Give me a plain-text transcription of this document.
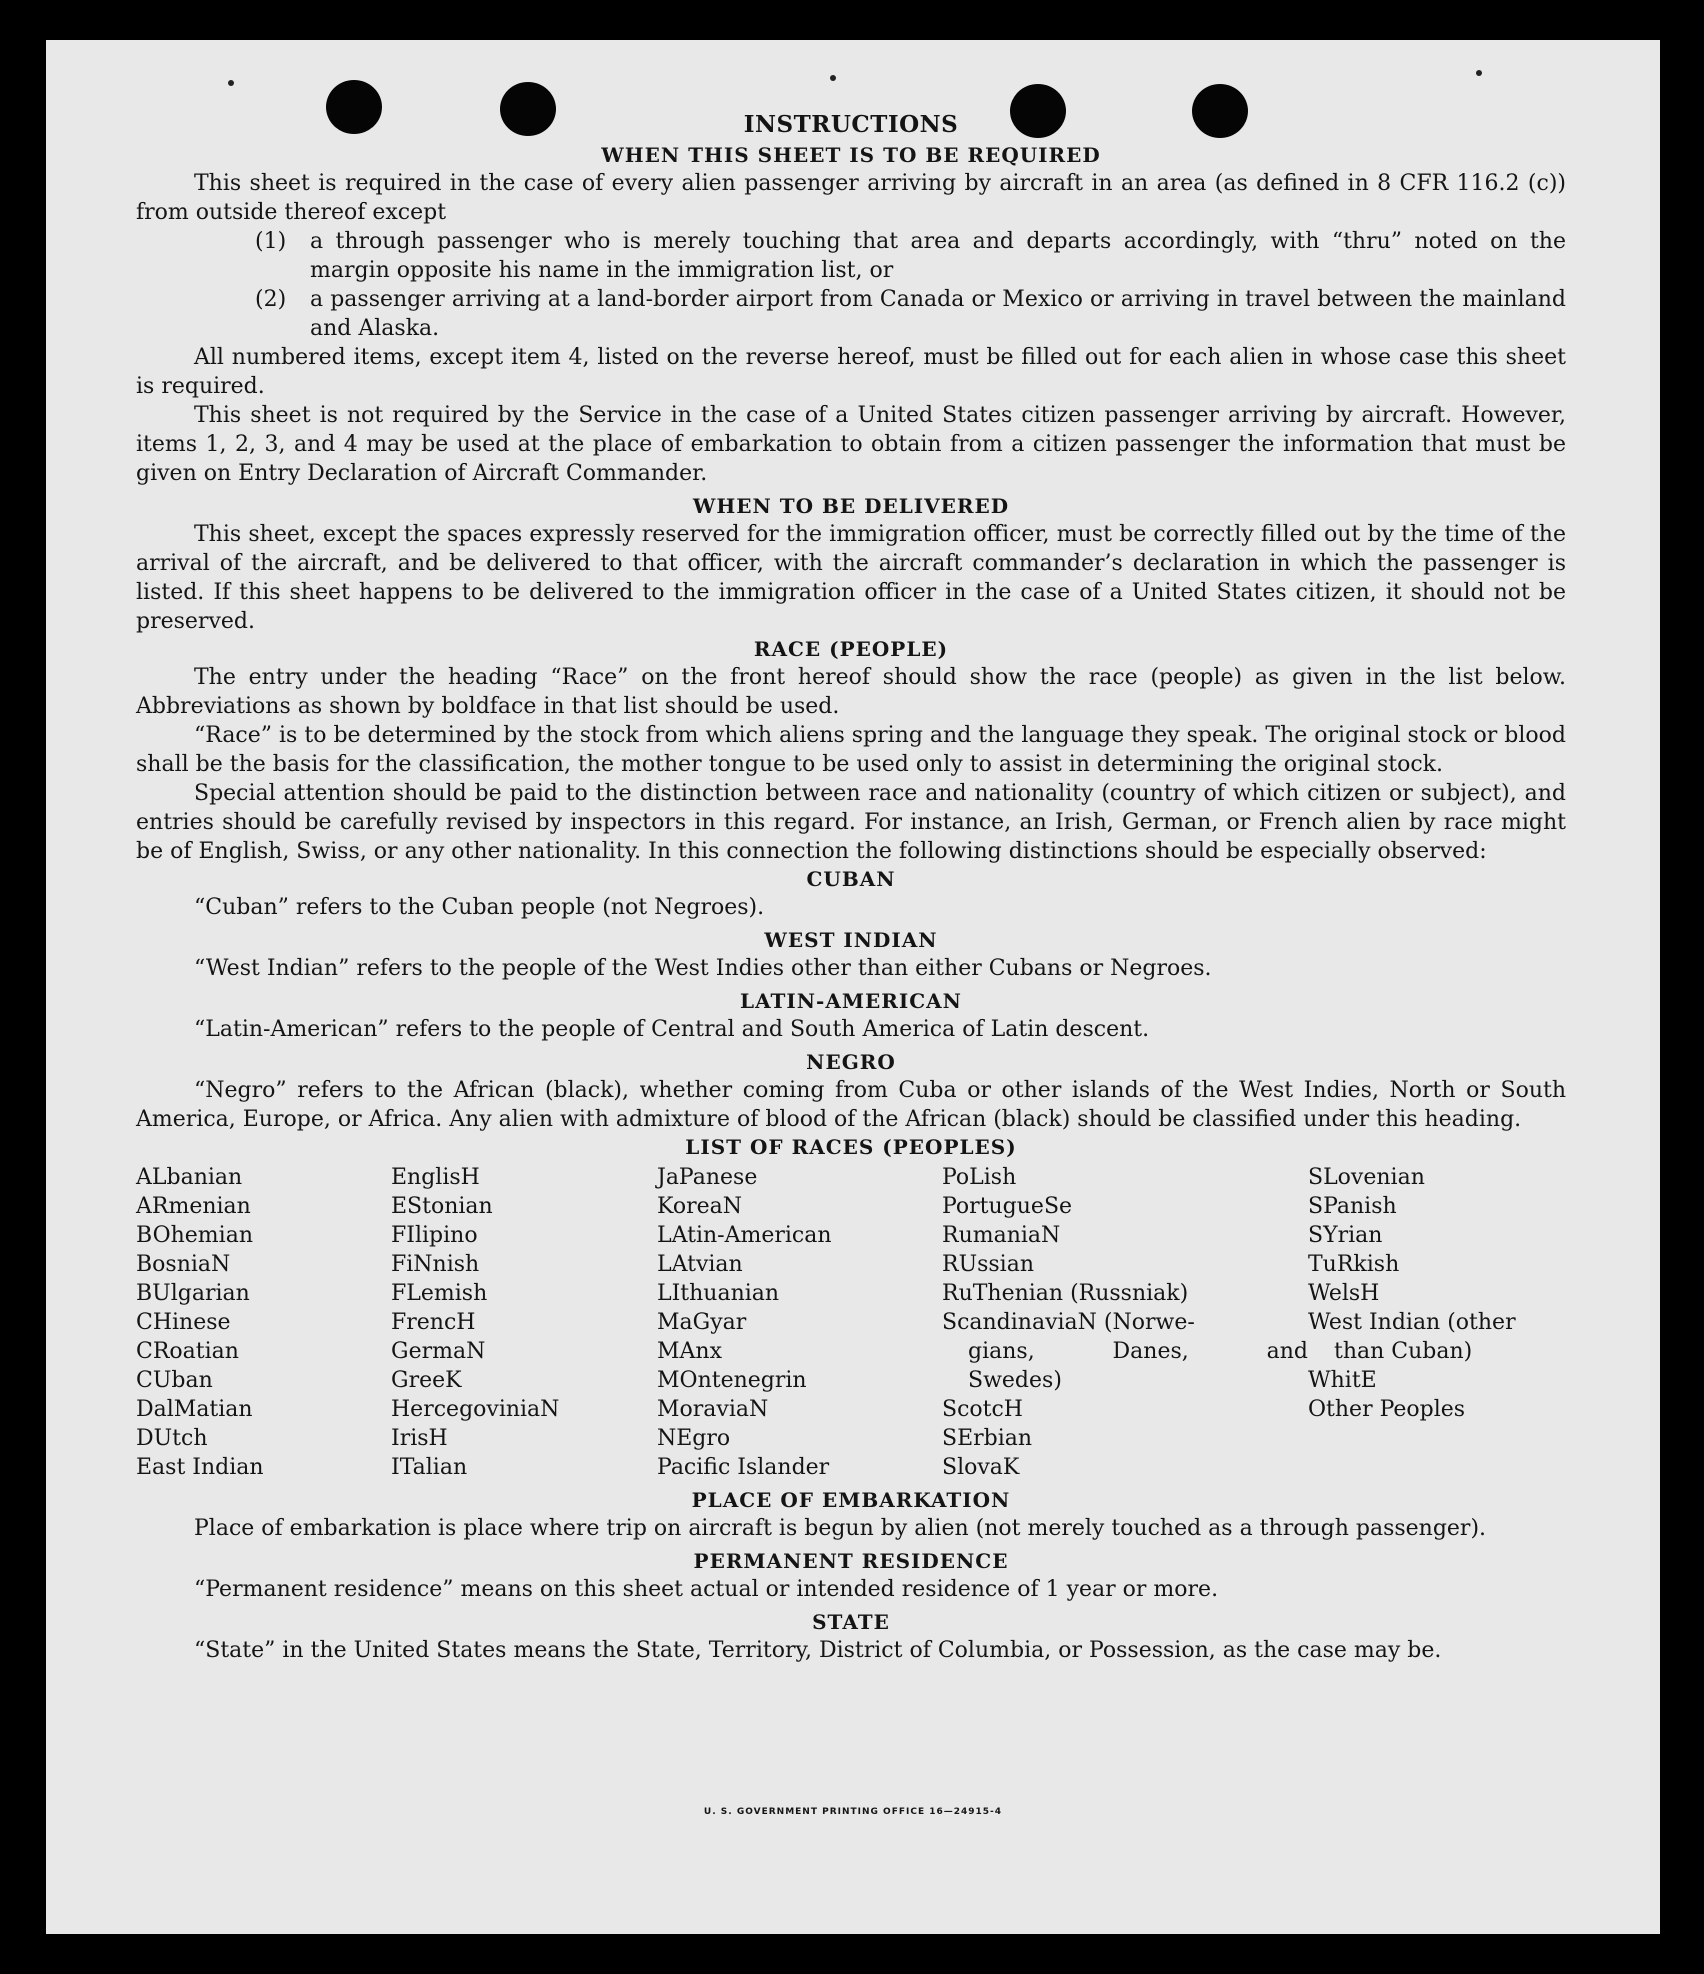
INSTRUCTIONS
WHEN THIS SHEET IS TO BE REQUIRED

This sheet is required in the case of every alien passenger arriving by aircraft in an area (as defined in 8 CFR 116.2 (c)) from outside thereof except

(1) a through passenger who is merely touching that area and departs accordingly, with “thru” noted on the margin opposite his name in the immigration list, or
(2) a passenger arriving at a land-border airport from Canada or Mexico or arriving in travel between the mainland and Alaska.

All numbered items, except item 4, listed on the reverse hereof, must be filled out for each alien in whose case this sheet is required.

This sheet is not required by the Service in the case of a United States citizen passenger arriving by aircraft. However, items 1, 2, 3, and 4 may be used at the place of embarkation to obtain from a citizen passenger the information that must be given on Entry Declaration of Aircraft Commander.

WHEN TO BE DELIVERED

This sheet, except the spaces expressly reserved for the immigration officer, must be correctly filled out by the time of the arrival of the aircraft, and be delivered to that officer, with the aircraft commander’s declaration in which the passenger is listed. If this sheet happens to be delivered to the immigration officer in the case of a United States citizen, it should not be preserved.

RACE (PEOPLE)

The entry under the heading “Race” on the front hereof should show the race (people) as given in the list below. Abbreviations as shown by boldface in that list should be used.

“Race” is to be determined by the stock from which aliens spring and the language they speak. The original stock or blood shall be the basis for the classification, the mother tongue to be used only to assist in determining the original stock.

Special attention should be paid to the distinction between race and nationality (country of which citizen or subject), and entries should be carefully revised by inspectors in this regard. For instance, an Irish, German, or French alien by race might be of English, Swiss, or any other nationality. In this connection the following distinctions should be especially observed:

CUBAN

“Cuban” refers to the Cuban people (not Negroes).

WEST INDIAN

“West Indian” refers to the people of the West Indies other than either Cubans or Negroes.

LATIN-AMERICAN

“Latin-American” refers to the people of Central and South America of Latin descent.

NEGRO

“Negro” refers to the African (black), whether coming from Cuba or other islands of the West Indies, North or South America, Europe, or Africa. Any alien with admixture of blood of the African (black) should be classified under this heading.

LIST OF RACES (PEOPLES)
ALbanian
ARmenian
BOhemian
BosniaN
BUlgarian
CHinese
CRoatian
CUban
DalMatian
DUtch
East Indian
EnglisH
EStonian
FIlipino
FiNnish
FLemish
FrencH
GermaN
GreeK
HercegoviniaN
IrisH
ITalian
JaPanese
KoreaN
LAtin-American
LAtvian
LIthuanian
MaGyar
MAnx
MOntenegrin
MoraviaN
NEgro
Pacific Islander
PoLish
PortugueSe
RumaniaN
RUssian
RuThenian (Russniak)
ScandinaviaN (Norwe-
gians, Danes, and
Swedes)
ScotcH
SErbian
SlovaK
SLovenian
SPanish
SYrian
TuRkish
WelsH
West Indian (other
than Cuban)
WhitE
Other Peoples
PLACE OF EMBARKATION

Place of embarkation is place where trip on aircraft is begun by alien (not merely touched as a through passenger).

PERMANENT RESIDENCE

“Permanent residence” means on this sheet actual or intended residence of 1 year or more.

STATE

“State” in the United States means the State, Territory, District of Columbia, or Possession, as the case may be.

U. S. GOVERNMENT PRINTING OFFICE 16—24915‑4
